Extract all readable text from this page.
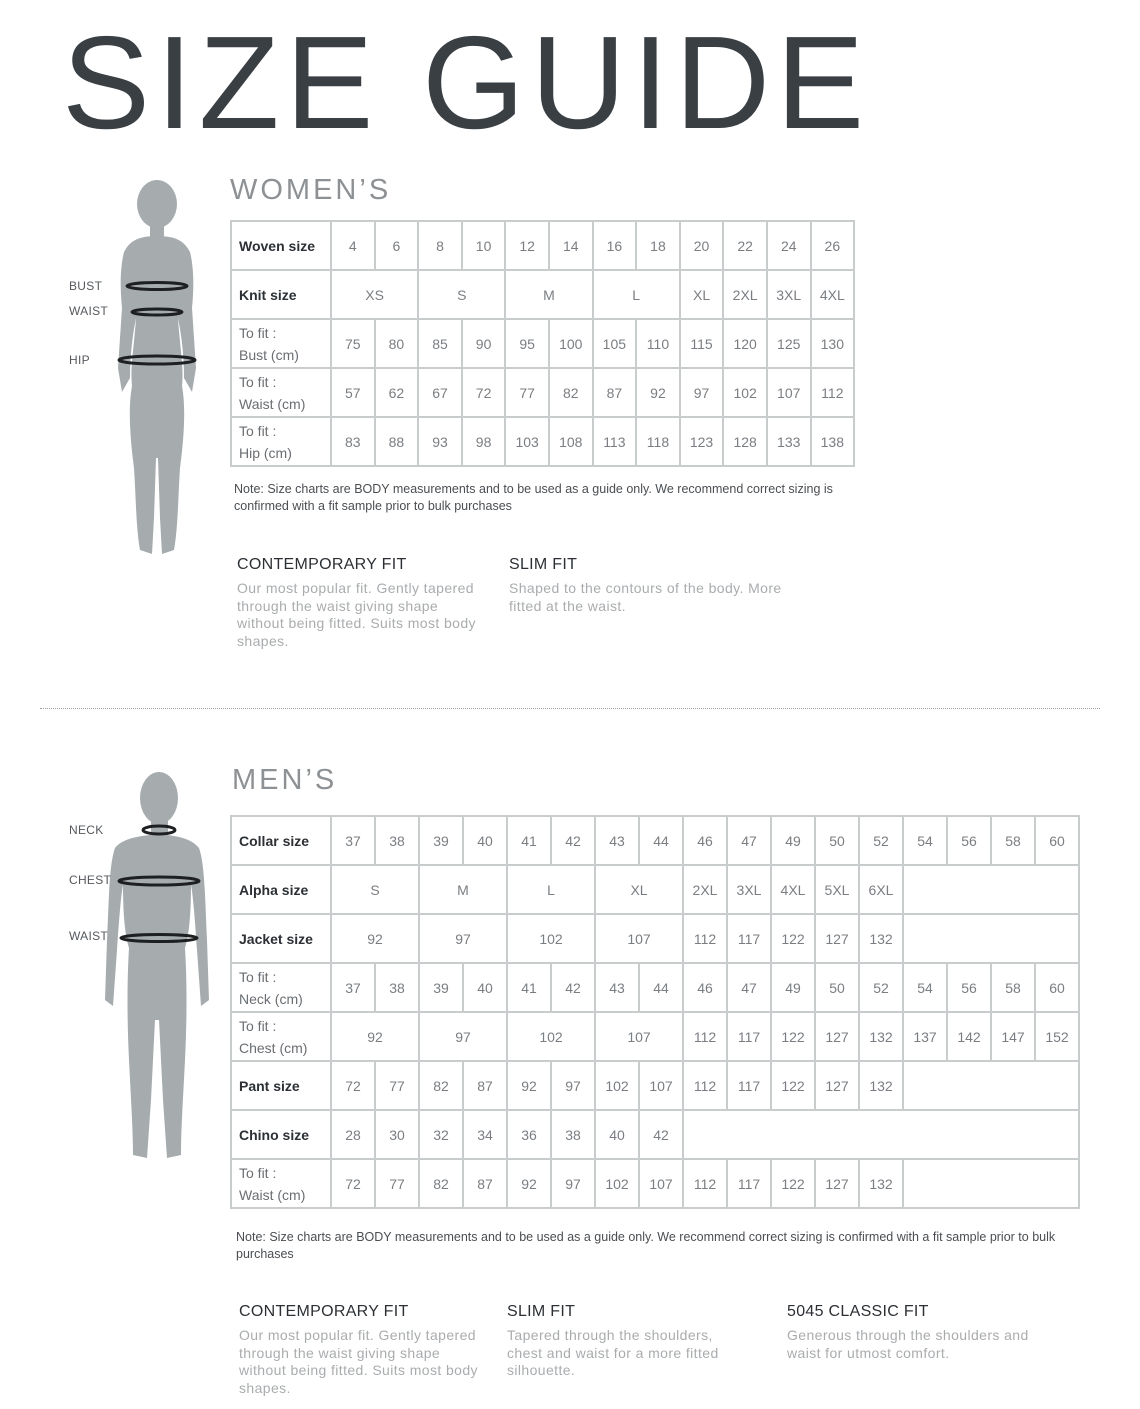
SIZE GUIDE
BUST
WAIST
HIP
WOMEN’S
Woven size	4	6	8	10	12	14	16	18	20	22	24	26
Knit size	XS		S		M		L		XL	2XL	3XL	4XL
To fit :
Bust (cm)	75	80	85	90	95	100	105	110	115	120	125	130
To fit :
Waist (cm)	57	62	67	72	77	82	87	92	97	102	107	112
To fit :
Hip (cm)	83	88	93	98	103	108	113	118	123	128	133	138
Note: Size charts are BODY measurements and to be used as a guide only. We recommend correct sizing is confirmed with a fit sample prior to bulk purchases
CONTEMPORARY FIT
Our most popular fit. Gently tapered through the waist giving shape without being fitted. Suits most body shapes.
SLIM FIT
Shaped to the contours of the body. More fitted at the waist.
NECK
CHEST
WAIST
MEN’S
Collar size	37	38	39	40	41	42	43	44	46	47	49	50	52	54	56	58	60
Alpha size	S		M		L		XL		2XL	3XL	4XL	5XL	6XL				
Jacket size	92		97		102		107		112	117	122	127	132				
To fit :
Neck (cm)	37	38	39	40	41	42	43	44	46	47	49	50	52	54	56	58	60
To fit :
Chest (cm)	92		97		102		107		112	117	122	127	132	137	142	147	152
Pant size	72	77	82	87	92	97	102	107	112	117	122	127	132				
Chino size	28	30	32	34	36	38	40	42									
To fit :
Waist (cm)	72	77	82	87	92	97	102	107	112	117	122	127	132				
Note: Size charts are BODY measurements and to be used as a guide only. We recommend correct sizing is confirmed with a fit sample prior to bulk purchases
CONTEMPORARY FIT
Our most popular fit. Gently tapered through the waist giving shape without being fitted. Suits most body shapes.
SLIM FIT
Tapered through the shoulders, chest and waist for a more fitted silhouette.
5045 CLASSIC FIT
Generous through the shoulders and waist for utmost comfort.
